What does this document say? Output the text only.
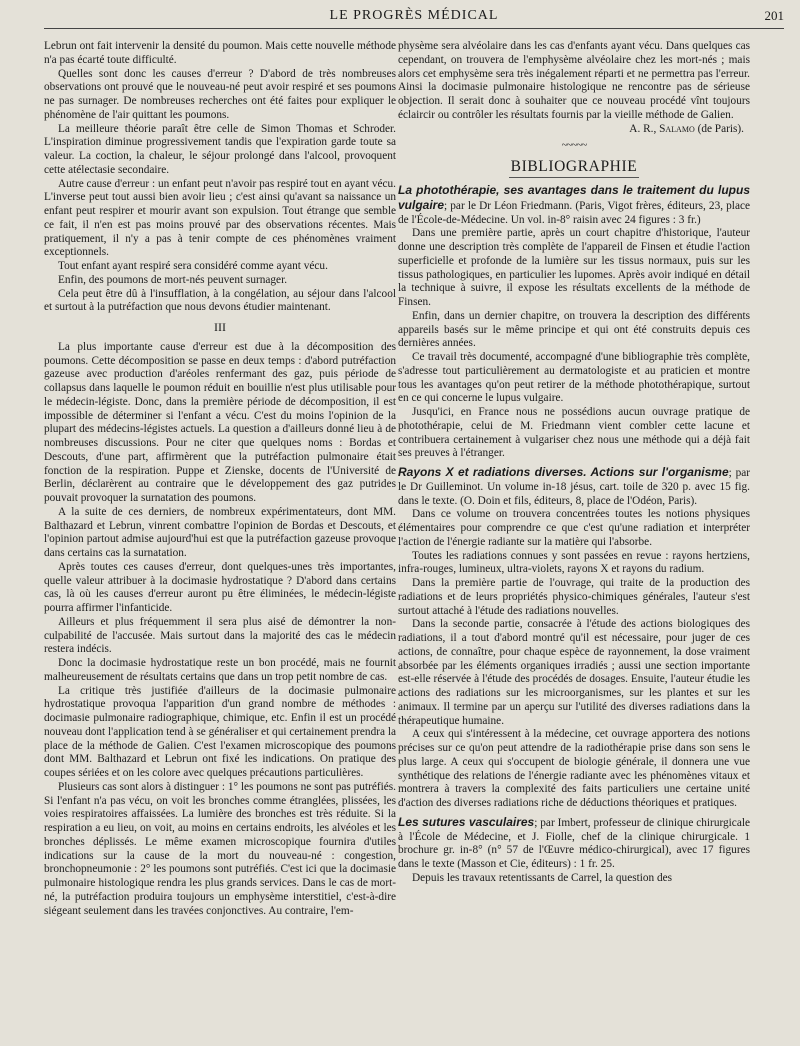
LE PROGRÈS MÉDICAL	201

Lebrun ont fait intervenir la densité du poumon. Mais cette nouvelle méthode n'a pas écarté toute difficulté.

Quelles sont donc les causes d'erreur ? D'abord de très nombreuses observations ont prouvé que le nouveau-né peut avoir respiré et ses poumons ne pas surnager. De nombreuses recherches ont été faites pour expliquer le phénomène de l'air quittant les poumons.

La meilleure théorie paraît être celle de Simon Thomas et Schroder. L'inspiration diminue progressivement tandis que l'expiration garde toute sa valeur. La coction, la chaleur, le séjour prolongé dans l'alcool, provoquent cette atélectasie secondaire.

Autre cause d'erreur : un enfant peut n'avoir pas respiré tout en ayant vécu. L'inverse peut tout aussi bien avoir lieu ; c'est ainsi qu'avant sa naissance un enfant peut respirer et mourir avant son expulsion. Tout étrange que semble ce fait, il n'en est pas moins prouvé par des observations récentes. Mais pratiquement, il n'y a pas à tenir compte de ces phénomènes vraiment exceptionnels.

Tout enfant ayant respiré sera considéré comme ayant vécu.

Enfin, des poumons de mort-nés peuvent surnager.

Cela peut être dû à l'insufflation, à la congélation, au séjour dans l'alcool et surtout à la putréfaction que nous devons étudier maintenant.

III

La plus importante cause d'erreur est due à la décomposition des poumons. Cette décomposition se passe en deux temps : d'abord putréfaction gazeuse avec production d'aréoles renfermant des gaz, puis période de collapsus dans laquelle le poumon réduit en bouillie n'est plus utilisable pour le médecin-légiste. Donc, dans la première période de décomposition, il est impossible de déterminer si l'enfant a vécu. C'est du moins l'opinion de la plupart des médecins-légistes actuels. La question a d'ailleurs donné lieu à de nombreuses discussions. Pour ne citer que quelques noms : Bordas et Descouts, d'une part, affirmèrent que la putréfaction pulmonaire était fonction de la respiration. Puppe et Zienske, docents de l'Université de Berlin, déclarèrent au contraire que le développement des gaz putrides pouvait provoquer la surnatation des poumons.

A la suite de ces derniers, de nombreux expérimentateurs, dont MM. Balthazard et Lebrun, vinrent combattre l'opinion de Bordas et Descouts, et l'opinion partout admise aujourd'hui est que la putréfaction gazeuse provoque dans certains cas la surnatation.

Après toutes ces causes d'erreur, dont quelques-unes très importantes, quelle valeur attribuer à la docimasie hydrostatique ? D'abord dans certains cas, là où les causes d'erreur auront pu être éliminées, le médecin-légiste pourra affirmer l'infanticide.

Ailleurs et plus fréquemment il sera plus aisé de démontrer la non-culpabilité de l'accusée. Mais surtout dans la majorité des cas le médecin restera indécis.

Donc la docimasie hydrostatique reste un bon procédé, mais ne fournit malheureusement de résultats certains que dans un trop petit nombre de cas.

La critique très justifiée d'ailleurs de la docimasie pulmonaire hydrostatique provoqua l'apparition d'un grand nombre de méthodes : docimasie pulmonaire radiographique, chimique, etc. Enfin il est un procédé nouveau dont l'application tend à se généraliser et qui certainement prendra la place de la méthode de Galien. C'est l'examen microscopique des poumons dont MM. Balthazard et Lebrun ont fixé les indications. On pratique des coupes sériées et on les colore avec quelques précautions particulières.

Plusieurs cas sont alors à distinguer : 1° les poumons ne sont pas putréfiés. Si l'enfant n'a pas vécu, on voit les bronches comme étranglées, plissées, les voies respiratoires affaissées. La lumière des bronches est très réduite. Si la respiration a eu lieu, on voit, au moins en certains endroits, les alvéoles et les bronches déplissés. Le même examen microscopique fournira d'utiles indications sur la cause de la mort du nouveau-né : congestion, bronchopneumonie : 2° les poumons sont putréfiés. C'est ici que la docimasie pulmonaire histologique rendra les plus grands services. Dans le cas de mort-né, la putréfaction produira toujours un emphysème interstitiel, c'est-à-dire siégeant seulement dans les travées conjonctives. Au contraire, l'em-

physème sera alvéolaire dans les cas d'enfants ayant vécu. Dans quelques cas cependant, on trouvera de l'emphysème alvéolaire chez les mort-nés ; mais alors cet emphysème sera très inégalement réparti et ne permettra pas l'erreur. Ainsi la docimasie pulmonaire histologique ne rencontre pas de sérieuse objection. Il serait donc à souhaiter que ce nouveau procédé vînt toujours éclaircir ou contrôler les résultats fournis par la vieille méthode de Galien.

A. R., Salamo (de Paris).

~~~~~
BIBLIOGRAPHIE

La photothérapie, ses avantages dans le traitement du lupus vulgaire; par le Dr Léon Friedmann. (Paris, Vigot frères, éditeurs, 23, place de l'École-de-Médecine. Un vol. in-8° raisin avec 24 figures : 3 fr.)

Dans une première partie, après un court chapitre d'historique, l'auteur donne une description très complète de l'appareil de Finsen et étudie l'action superficielle et profonde de la lumière sur les tissus normaux, puis sur les tissus pathologiques, en particulier les lupomes. Après avoir indiqué en détail la technique à suivre, il expose les résultats excellents de la méthode de Finsen.

Enfin, dans un dernier chapitre, on trouvera la description des différents appareils basés sur le même principe et qui ont été construits depuis ces dernières années.

Ce travail très documenté, accompagné d'une bibliographie très complète, s'adresse tout particulièrement au dermatologiste et au praticien et montre tous les avantages qu'on peut retirer de la méthode photothérapique, surtout en ce qui concerne le lupus vulgaire.

Jusqu'ici, en France nous ne possédions aucun ouvrage pratique de photothérapie, celui de M. Friedmann vient combler cette lacune et contribuera certainement à vulgariser chez nous une méthode qui a déjà fait ses preuves à l'étranger.

Rayons X et radiations diverses. Actions sur l'organisme; par le Dr Guilleminot. Un volume in-18 jésus, cart. toile de 320 p. avec 15 fig. dans le texte. (O. Doin et fils, éditeurs, 8, place de l'Odéon, Paris).

Dans ce volume on trouvera concentrées toutes les notions physiques élémentaires pour comprendre ce que c'est qu'une radiation et interpréter l'action de l'énergie radiante sur la matière qui l'absorbe.

Toutes les radiations connues y sont passées en revue : rayons hertziens, infra-rouges, lumineux, ultra-violets, rayons X et rayons du radium.

Dans la première partie de l'ouvrage, qui traite de la production des radiations et de leurs propriétés physico-chimiques générales, l'auteur s'est surtout attaché à l'étude des radiations nouvelles.

Dans la seconde partie, consacrée à l'étude des actions biologiques des radiations, il a tout d'abord montré qu'il est nécessaire, pour juger de ces actions, de connaître, pour chaque espèce de rayonnement, la dose vraiment absorbée par les éléments organiques irradiés ; aussi une section importante est-elle réservée à l'étude des procédés de dosages. Ensuite, l'auteur étudie les actions des radiations sur les microorganismes, sur les plantes et sur les animaux. Il termine par un aperçu sur l'utilité des diverses radiations dans la thérapeutique humaine.

A ceux qui s'intéressent à la médecine, cet ouvrage apportera des notions précises sur ce qu'on peut attendre de la radiothérapie prise dans son sens le plus large. A ceux qui s'occupent de biologie générale, il donnera une vue synthétique des relations de l'énergie radiante avec les phénomènes vitaux et montrera à travers la complexité des faits particuliers une certaine unité d'action des diverses radiations riche de déductions théoriques et pratiques.

Les sutures vasculaires; par Imbert, professeur de clinique chirurgicale à l'École de Médecine, et J. Fiolle, chef de la clinique chirurgicale. 1 brochure gr. in-8° (n° 57 de l'Œuvre médico-chirurgical), avec 17 figures dans le texte (Masson et Cie, éditeurs) : 1 fr. 25.

Depuis les travaux retentissants de Carrel, la question des
